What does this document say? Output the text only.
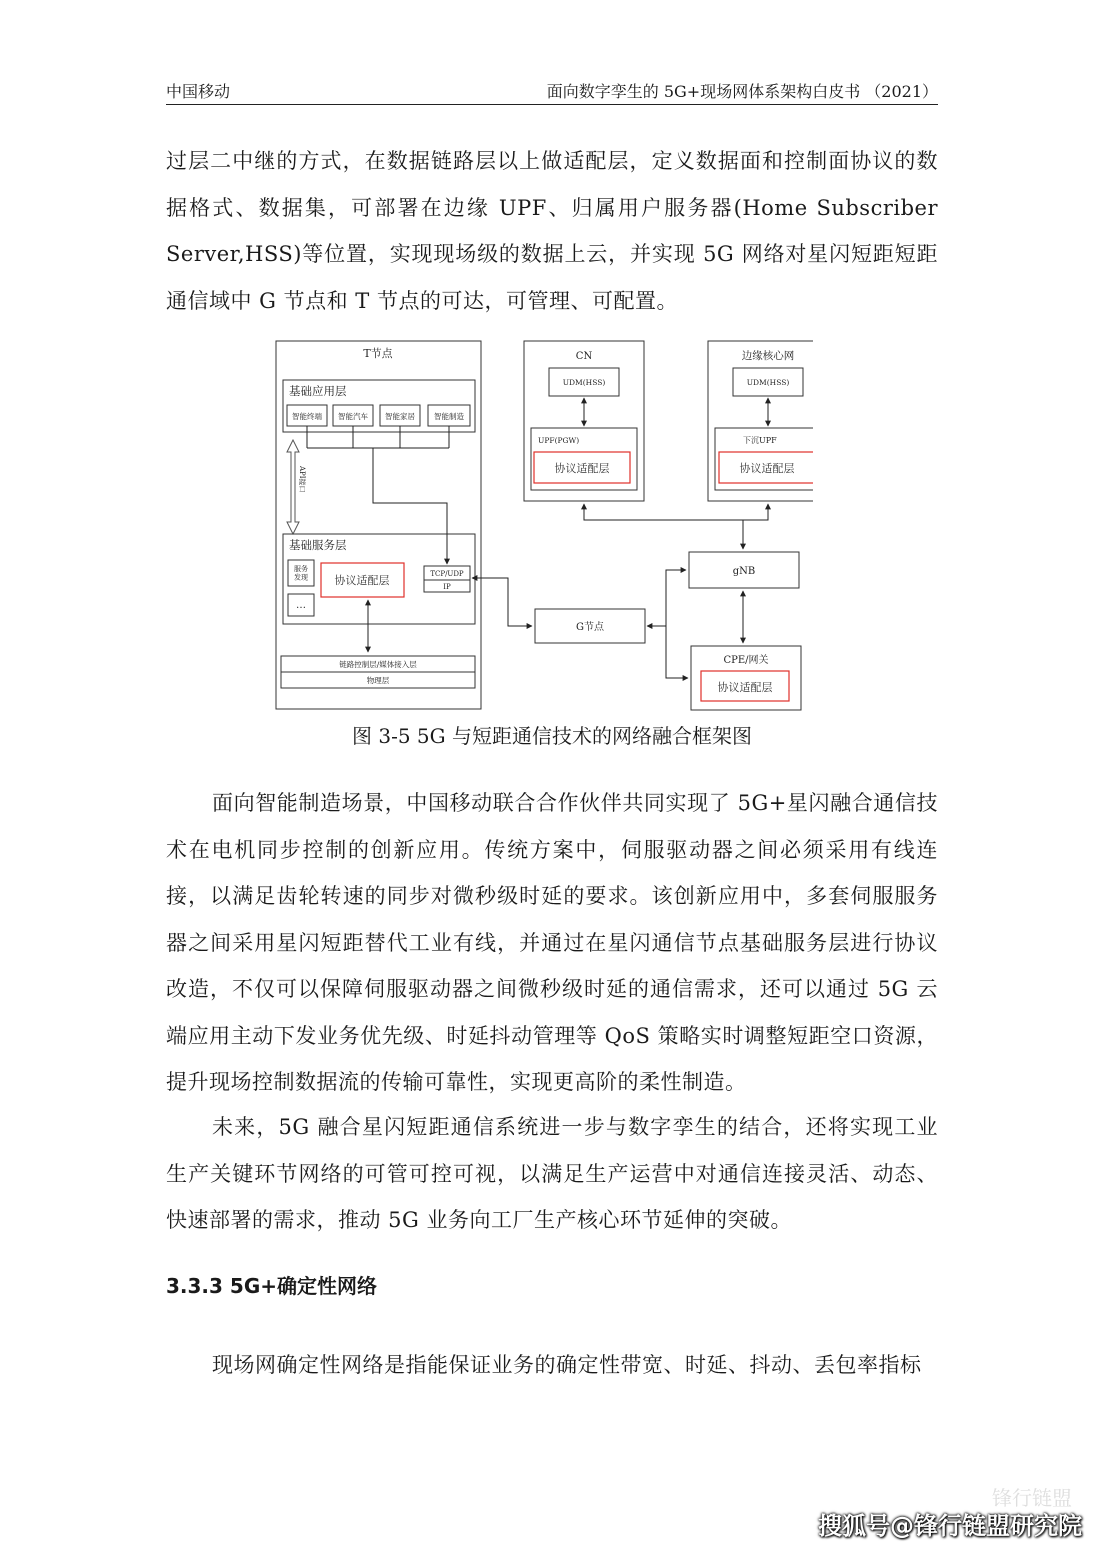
中国移动	面向数字孪生的 5G+现场网体系架构白皮书 （2021）

过层二中继的方式，在数据链路层以上做适配层，定义数据面和控制面协议的数据格式、数据集，可部署在边缘 UPF、归属用户服务器(Home Subscriber Server,HSS)等位置，实现现场级的数据上云，并实现 5G 网络对星闪短距短距通信域中 G 节点和 T 节点的可达，可管理、可配置。

T节点
基础应用层
智能终端 智能汽车 智能家居	智能制造
API接口
基础服务层
服务发现
…
协议适配层	TCP/UDP
IP
链路控制层/媒体接入层
物理层
CN
UDM(HSS)
UPF(PGW)
协议适配层
边缘核心网
UDM(HSS)
下沉UPF
协议适配层
gNB
G节点
CPE/网关
协议适配层
图 3-5 5G 与短距通信技术的网络融合框架图

面向智能制造场景，中国移动联合合作伙伴共同实现了 5G+星闪融合通信技术在电机同步控制的创新应用。传统方案中，伺服驱动器之间必须采用有线连接，以满足齿轮转速的同步对微秒级时延的要求。该创新应用中，多套伺服服务器之间采用星闪短距替代工业有线，并通过在星闪通信节点基础服务层进行协议改造，不仅可以保障伺服驱动器之间微秒级时延的通信需求，还可以通过 5G 云端应用主动下发业务优先级、时延抖动管理等 QoS 策略实时调整短距空口资源，提升现场控制数据流的传输可靠性，实现更高阶的柔性制造。

未来，5G 融合星闪短距通信系统进一步与数字孪生的结合，还将实现工业生产关键环节网络的可管可控可视，以满足生产运营中对通信连接灵活、动态、快速部署的需求，推动 5G 业务向工厂生产核心环节延伸的突破。

3.3.3 5G+确定性网络

现场网确定性网络是指能保证业务的确定性带宽、时延、抖动、丢包率指标

锋行链盟
搜狐号@锋行链盟研究院
